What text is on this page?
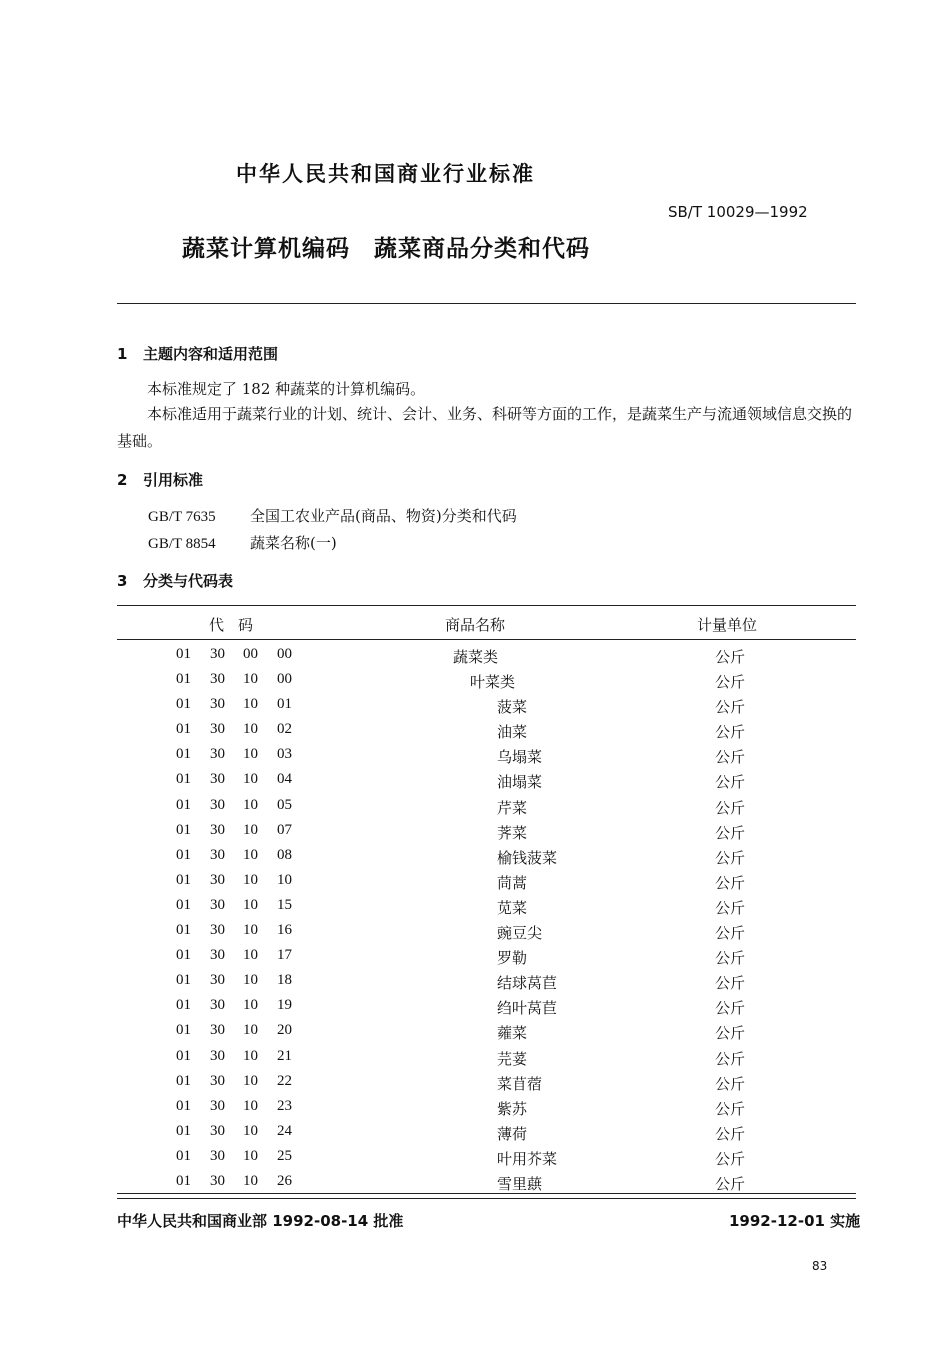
中华人民共和国商业行业标准
SB/T 10029—1992
蔬菜计算机编码　蔬菜商品分类和代码
1 主题内容和适用范围
本标准规定了 182 种蔬菜的计算机编码。
本标准适用于蔬菜行业的计划、统计、会计、业务、科研等方面的工作，是蔬菜生产与流通领域信息交换的基础。
2 引用标准
GB/T 7635 全国工农业产品(商品、物资)分类和代码
GB/T 8854 蔬菜名称(一)
3 分类与代码表
代码	商品名称	计量单位
01 30 00 00	蔬菜类	公斤
01 30 10 00	叶菜类	公斤
01 30 10 01	菠菜	公斤
01 30 10 02	油菜	公斤
01 30 10 03	乌塌菜	公斤
01 30 10 04	油塌菜	公斤
01 30 10 05	芹菜	公斤
01 30 10 07	荠菜	公斤
01 30 10 08	榆钱菠菜	公斤
01 30 10 10	茼蒿	公斤
01 30 10 15	苋菜	公斤
01 30 10 16	豌豆尖	公斤
01 30 10 17	罗勒	公斤
01 30 10 18	结球莴苣	公斤
01 30 10 19	绉叶莴苣	公斤
01 30 10 20	蕹菜	公斤
01 30 10 21	芫荽	公斤
01 30 10 22	菜苜蓿	公斤
01 30 10 23	紫苏	公斤
01 30 10 24	薄荷	公斤
01 30 10 25	叶用芥菜	公斤
01 30 10 26	雪里蕻	公斤
中华人民共和国商业部 1992-08-14 批准	1992-12-01 实施
83
